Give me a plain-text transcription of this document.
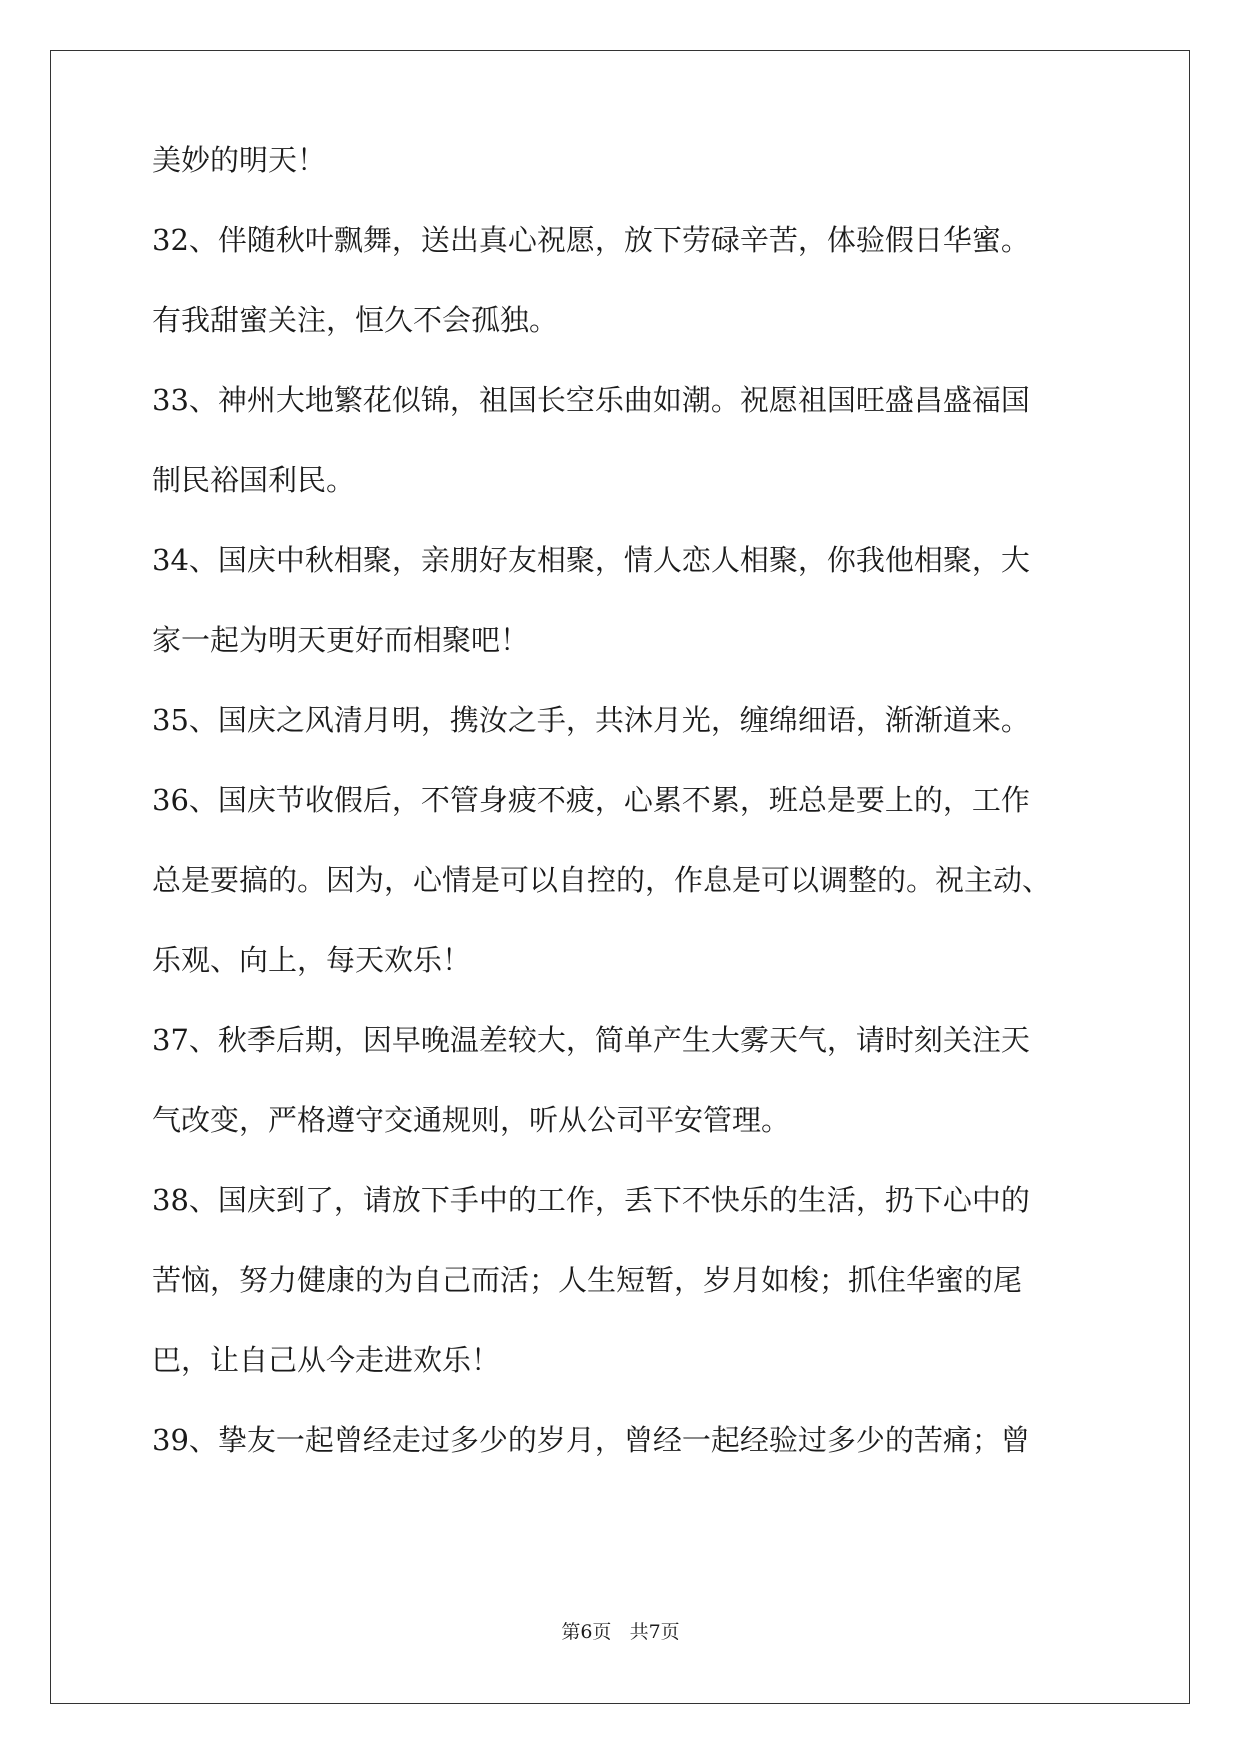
美妙的明天！

32、伴随秋叶飘舞，送出真心祝愿，放下劳碌辛苦，体验假日华蜜。

有我甜蜜关注，恒久不会孤独。

33、神州大地繁花似锦，祖国长空乐曲如潮。祝愿祖国旺盛昌盛福国

制民裕国利民。

34、国庆中秋相聚，亲朋好友相聚，情人恋人相聚，你我他相聚，大

家一起为明天更好而相聚吧！

35、国庆之风清月明，携汝之手，共沐月光，缠绵细语，渐渐道来。

36、国庆节收假后，不管身疲不疲，心累不累，班总是要上的，工作

总是要搞的。因为，心情是可以自控的，作息是可以调整的。祝主动、

乐观、向上，每天欢乐！

37、秋季后期，因早晚温差较大，简单产生大雾天气，请时刻关注天

气改变，严格遵守交通规则，听从公司平安管理。

38、国庆到了，请放下手中的工作，丢下不快乐的生活，扔下心中的

苦恼，努力健康的为自己而活；人生短暂，岁月如梭；抓住华蜜的尾

巴，让自己从今走进欢乐！

39、挚友一起曾经走过多少的岁月，曾经一起经验过多少的苦痛；曾

第6页 共7页
